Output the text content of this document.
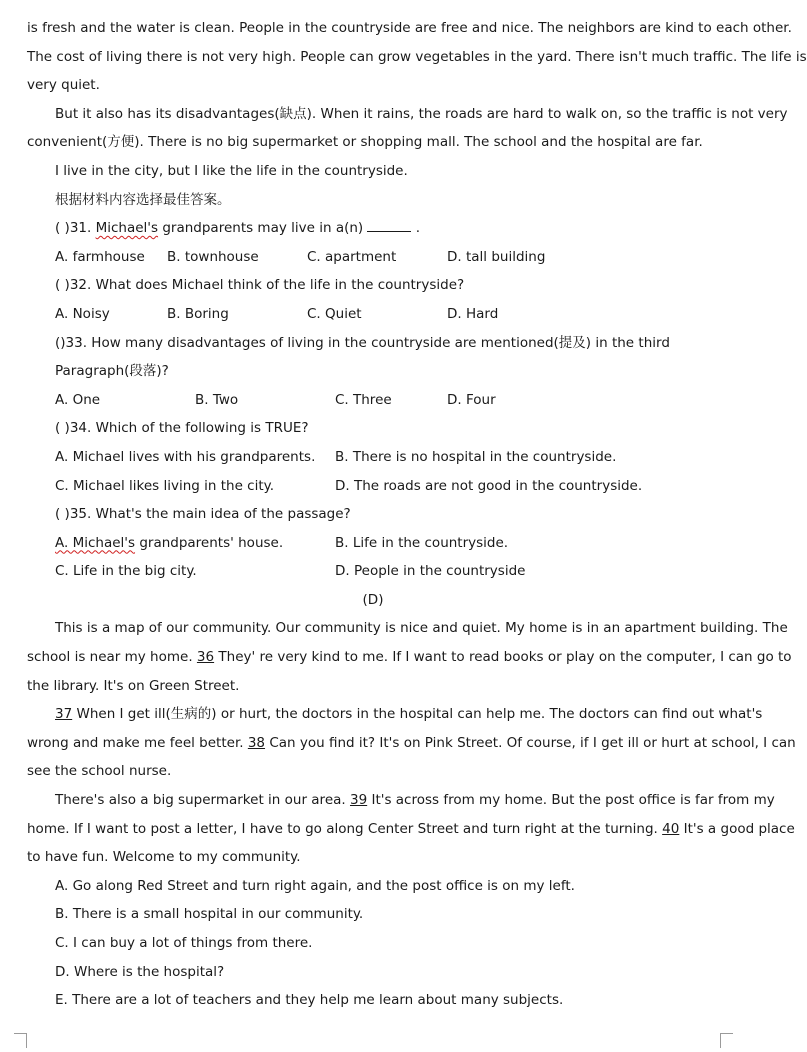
is fresh and the water is clean. People in the countryside are free and nice. The neighbors are kind to each other.
The cost of living there is not very high. People can grow vegetables in the yard. There isn't much traffic. The life is
very quiet.
But it also has its disadvantages(缺点). When it rains, the roads are hard to walk on, so the traffic is not very
convenient(方便). There is no big supermarket or shopping mall. The school and the hospital are far.
I live in the city, but I like the life in the countryside.
根据材料内容选择最佳答案。
( )31. Michael's grandparents may live in a(n)	.
A. farmhouse	B. townhouse	C. apartment	D. tall building
( )32. What does Michael think of the life in the countryside?
A. Noisy	B. Boring	C. Quiet	D. Hard
()33. How many disadvantages of living in the countryside are mentioned(提及) in the third
Paragraph(段落)?
A. One	B. Two	C. Three	D. Four
( )34. Which of the following is TRUE?
A. Michael lives with his grandparents.	B. There is no hospital in the countryside.
C. Michael likes living in the city.	D. The roads are not good in the countryside.
( )35. What's the main idea of the passage?
A. Michael's grandparents' house.	B. Life in the countryside.
C. Life in the big city.	D. People in the countryside
(D)
This is a map of our community. Our community is nice and quiet. My home is in an apartment building. The
school is near my home. 36 They' re very kind to me. If I want to read books or play on the computer, I can go to
the library. It's on Green Street.
37 When I get ill(生病的) or hurt, the doctors in the hospital can help me. The doctors can find out what's
wrong and make me feel better. 38 Can you find it? It's on Pink Street. Of course, if I get ill or hurt at school, I can
see the school nurse.
There's also a big supermarket in our area. 39 It's across from my home. But the post office is far from my
home. If I want to post a letter, I have to go along Center Street and turn right at the turning. 40 It's a good place
to have fun. Welcome to my community.
A. Go along Red Street and turn right again, and the post office is on my left.
B. There is a small hospital in our community.
C. I can buy a lot of things from there.
D. Where is the hospital?
E. There are a lot of teachers and they help me learn about many subjects.
